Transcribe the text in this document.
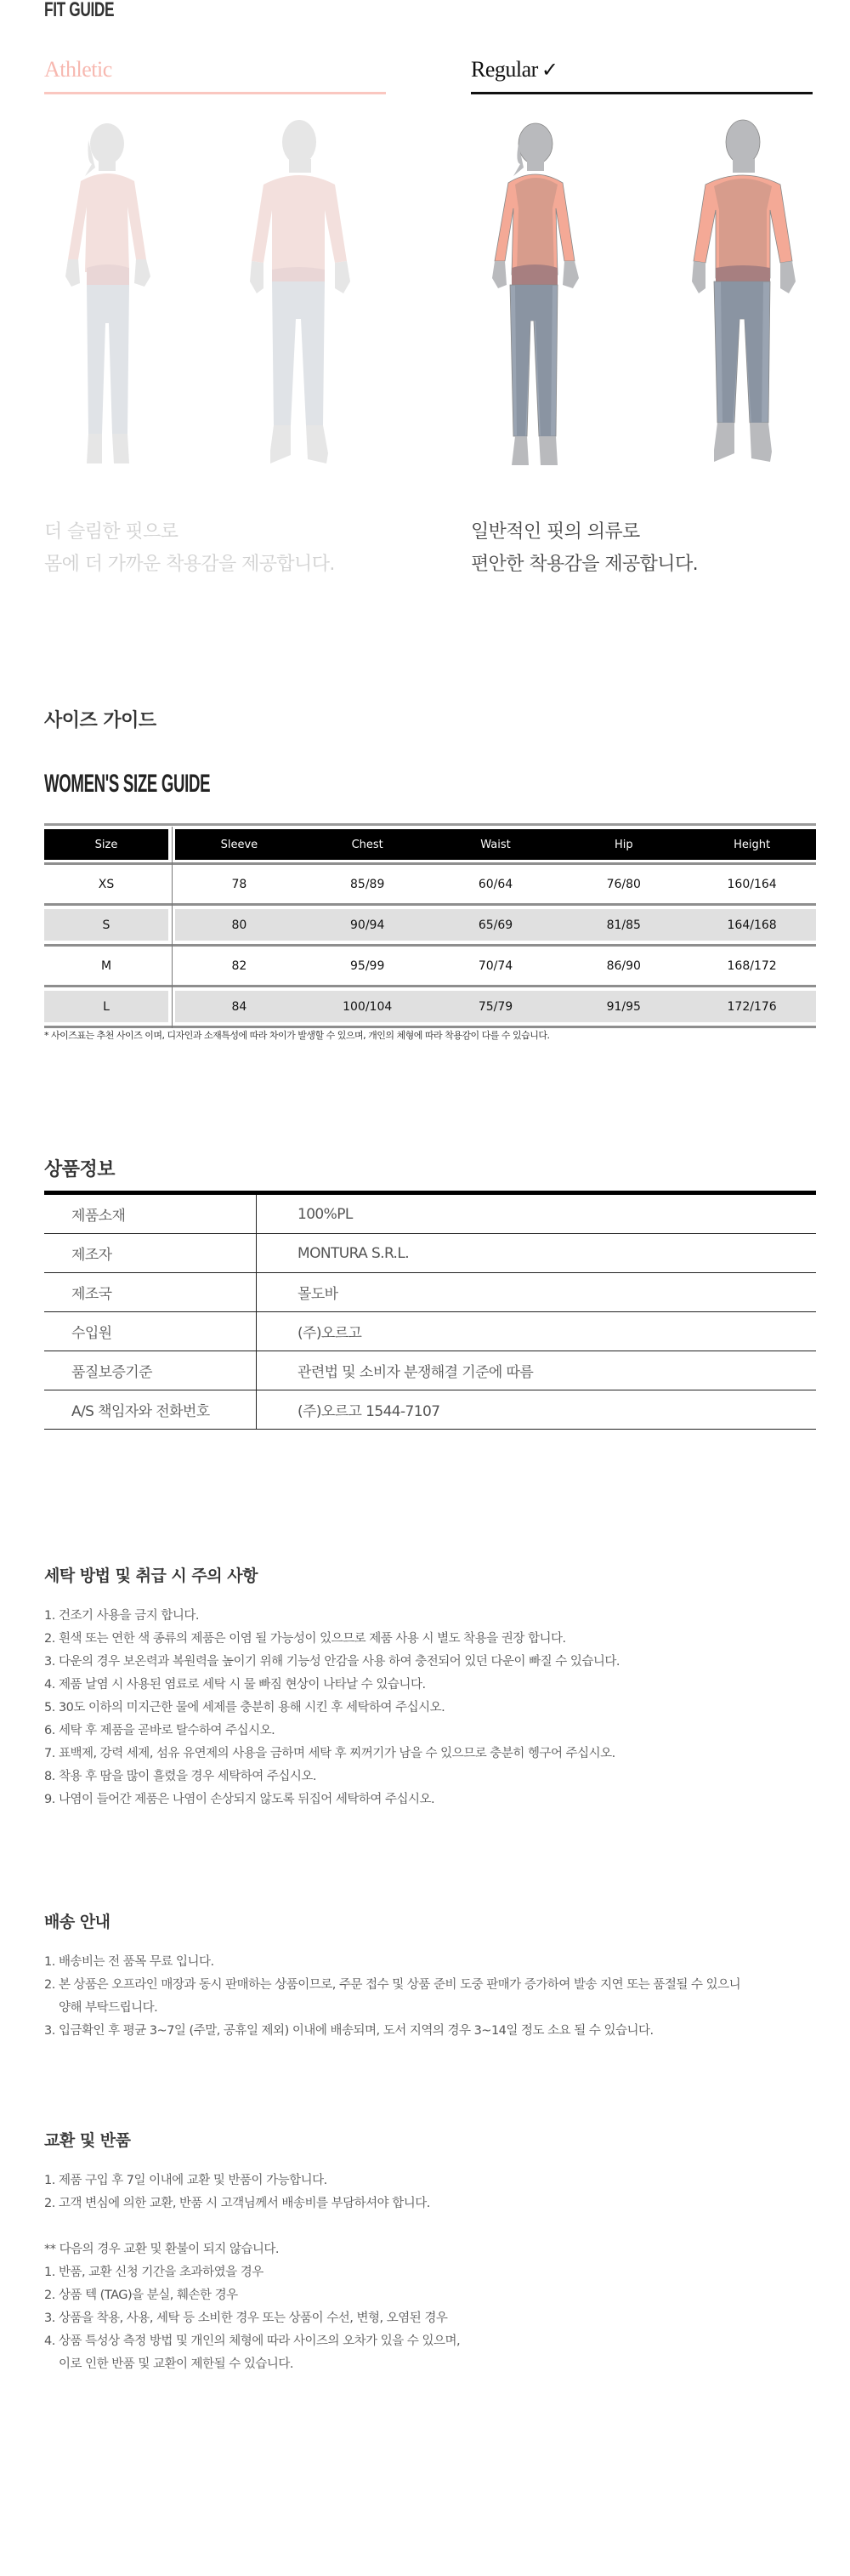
FIT GUIDE
Athletic	Regular ✓
더 슬림한 핏으로
몸에 더 가까운 착용감을 제공합니다.
일반적인 핏의 의류로
편안한 착용감을 제공합니다.
사이즈 가이드
WOMEN'S SIZE GUIDE
Size	Sleeve	Chest	Waist	Hip	Height
XS	78	85/89	60/64	76/80	160/164
S	80	90/94	65/69	81/85	164/168
M	82	95/99	70/74	86/90	168/172
L	84	100/104	75/79	91/95	172/176
* 사이즈표는 추천 사이즈 이며, 디자인과 소재특성에 따라 차이가 발생할 수 있으며, 개인의 체형에 따라 착용감이 다를 수 있습니다.
상품정보
제품소재	100%PL
제조자	MONTURA S.R.L.
제조국	몰도바
수입원	(주)오르고
품질보증기준	관련법 및 소비자 분쟁해결 기준에 따름
A/S 책임자와 전화번호	(주)오르고 1544-7107
세탁 방법 및 취급 시 주의 사항
1. 건조기 사용을 금지 합니다.
2. 흰색 또는 연한 색 종류의 제품은 이염 될 가능성이 있으므로 제품 사용 시 별도 착용을 권장 합니다.
3. 다운의 경우 보온력과 복원력을 높이기 위해 기능성 안감을 사용 하여 충전되어 있던 다운이 빠질 수 있습니다.
4. 제품 날염 시 사용된 염료로 세탁 시 물 빠짐 현상이 나타날 수 있습니다.
5. 30도 이하의 미지근한 물에 세제를 충분히 용해 시킨 후 세탁하여 주십시오.
6. 세탁 후 제품을 곧바로 탈수하여 주십시오.
7. 표백제, 강력 세제, 섬유 유연제의 사용을 금하며 세탁 후 찌꺼기가 남을 수 있으므로 충분히 헹구어 주십시오.
8. 착용 후 땀을 많이 흘렸을 경우 세탁하여 주십시오.
9. 나염이 들어간 제품은 나염이 손상되지 않도록 뒤집어 세탁하여 주십시오.
배송 안내
1. 배송비는 전 품목 무료 입니다.
2. 본 상품은 오프라인 매장과 동시 판매하는 상품이므로, 주문 접수 및 상품 준비 도중 판매가 증가하여 발송 지연 또는 품절될 수 있으니
양해 부탁드립니다.
3. 입금확인 후 평균 3~7일 (주말, 공휴일 제외) 이내에 배송되며, 도서 지역의 경우 3~14일 정도 소요 될 수 있습니다.
교환 및 반품
1. 제품 구입 후 7일 이내에 교환 및 반품이 가능합니다.
2. 고객 변심에 의한 교환, 반품 시 고객님께서 배송비를 부담하셔야 합니다.
** 다음의 경우 교환 및 환불이 되지 않습니다.
1. 반품, 교환 신청 기간을 초과하였을 경우
2. 상품 텍 (TAG)을 분실, 훼손한 경우
3. 상품을 착용, 사용, 세탁 등 소비한 경우 또는 상품이 수선, 변형, 오염된 경우
4. 상품 특성상 측정 방법 및 개인의 체형에 따라 사이즈의 오차가 있을 수 있으며,
이로 인한 반품 및 교환이 제한될 수 있습니다.
